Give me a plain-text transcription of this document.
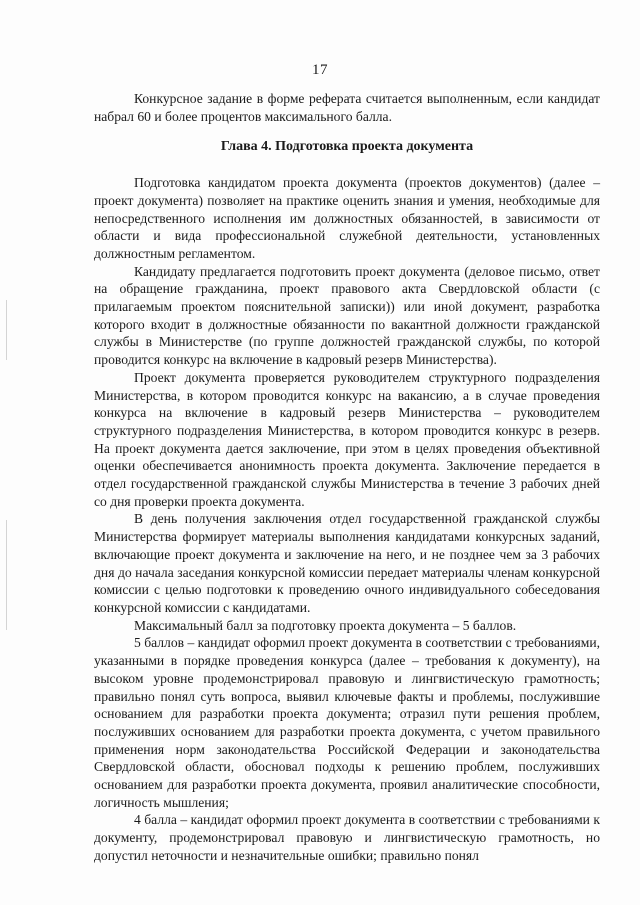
17

Конкурсное задание в форме реферата считается выполненным, если кандидат набрал 60 и более процентов максимального балла.

Глава 4. Подготовка проекта документа

Подготовка кандидатом проекта документа (проектов документов) (далее – проект документа) позволяет на практике оценить знания и умения, необходимые для непосредственного исполнения им должностных обязанностей, в зависимости от области и вида профессиональной служебной деятельности, установленных должностным регламентом.

Кандидату предлагается подготовить проект документа (деловое письмо, ответ на обращение гражданина, проект правового акта Свердловской области (с прилагаемым проектом пояснительной записки)) или иной документ, разработка которого входит в должностные обязанности по вакантной должности гражданской службы в Министерстве (по группе должностей гражданской службы, по которой проводится конкурс на включение в кадровый резерв Министерства).

Проект документа проверяется руководителем структурного подразделения Министерства, в котором проводится конкурс на вакансию, а в случае проведения конкурса на включение в кадровый резерв Министерства – руководителем структурного подразделения Министерства, в котором проводится конкурс в резерв. На проект документа дается заключение, при этом в целях проведения объективной оценки обеспечивается анонимность проекта документа. Заключение передается в отдел государственной гражданской службы Министерства в течение 3 рабочих дней со дня проверки проекта документа.

В день получения заключения отдел государственной гражданской службы Министерства формирует материалы выполнения кандидатами конкурсных заданий, включающие проект документа и заключение на него, и не позднее чем за 3 рабочих дня до начала заседания конкурсной комиссии передает материалы членам конкурсной комиссии с целью подготовки к проведению очного индивидуального собеседования конкурсной комиссии с кандидатами.

Максимальный балл за подготовку проекта документа – 5 баллов.

5 баллов – кандидат оформил проект документа в соответствии с требованиями, указанными в порядке проведения конкурса (далее – требования к документу), на высоком уровне продемонстрировал правовую и лингвистическую грамотность; правильно понял суть вопроса, выявил ключевые факты и проблемы, послужившие основанием для разработки проекта документа; отразил пути решения проблем, послуживших основанием для разработки проекта документа, с учетом правильного применения норм законодательства Российской Федерации и законодательства Свердловской области, обосновал подходы к решению проблем, послуживших основанием для разработки проекта документа, проявил аналитические способности, логичность мышления;

4 балла – кандидат оформил проект документа в соответствии с требованиями к документу, продемонстрировал правовую и лингвистическую грамотность, но допустил неточности и незначительные ошибки; правильно понял
